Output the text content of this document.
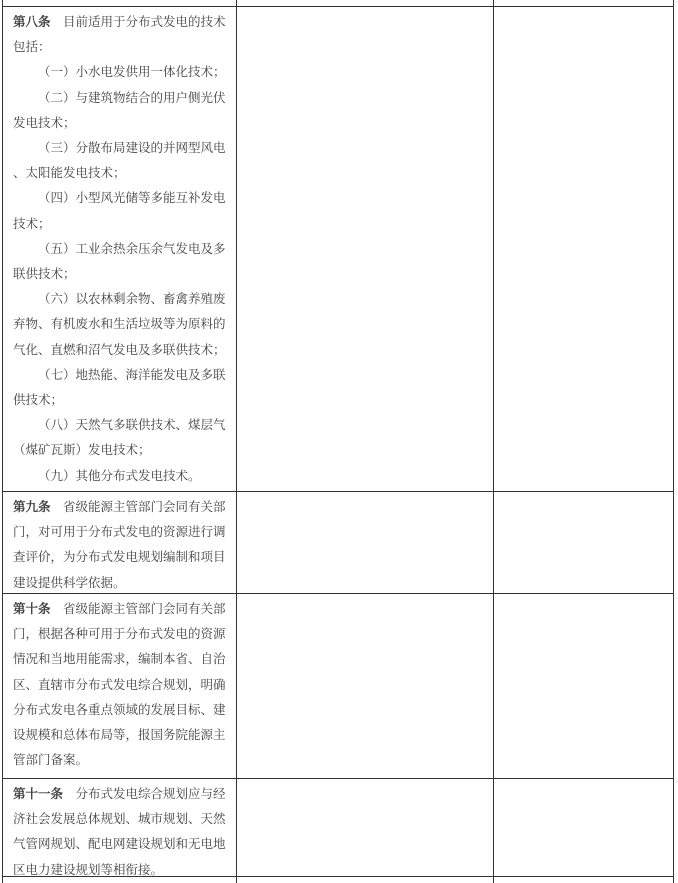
第八条　目前适用于分布式发电的技术包括：

（一）小水电发供用一体化技术；

（二）与建筑物结合的用户侧光伏发电技术；

（三）分散布局建设的并网型风电、太阳能发电技术；

（四）小型风光储等多能互补发电技术；

（五）工业余热余压余气发电及多联供技术；

（六）以农林剩余物、畜禽养殖废弃物、有机废水和生活垃圾等为原料的气化、直燃和沼气发电及多联供技术；

（七）地热能、海洋能发电及多联供技术；

（八）天然气多联供技术、煤层气（煤矿瓦斯）发电技术；

（九）其他分布式发电技术。

第九条　省级能源主管部门会同有关部门，对可用于分布式发电的资源进行调查评价，为分布式发电规划编制和项目建设提供科学依据。

第十条　省级能源主管部门会同有关部门，根据各种可用于分布式发电的资源情况和当地用能需求，编制本省、自治区、直辖市分布式发电综合规划，明确分布式发电各重点领域的发展目标、建设规模和总体布局等，报国务院能源主管部门备案。

第十一条　分布式发电综合规划应与经济社会发展总体规划、城市规划、天然气管网规划、配电网建设规划和无电地区电力建设规划等相衔接。
